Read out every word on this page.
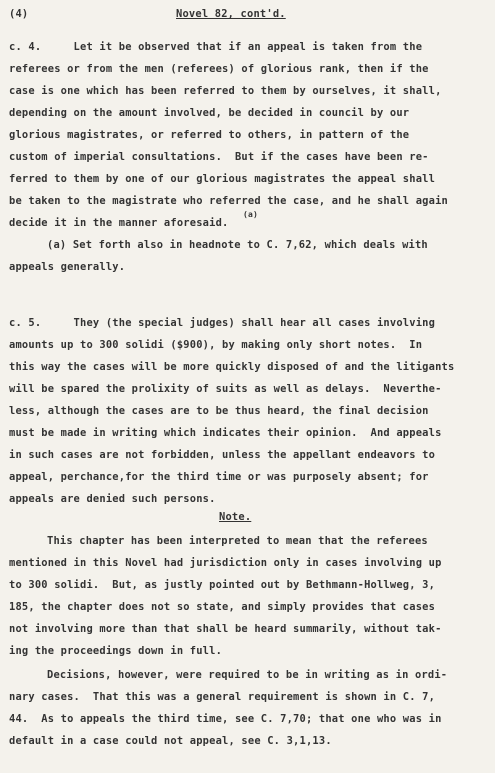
(4)	Novel 82, cont'd.
c. 4.     Let it be observed that if an appeal is taken from the
referees or from the men (referees) of glorious rank, then if the
case is one which has been referred to them by ourselves, it shall,
depending on the amount involved, be decided in council by our
glorious magistrates, or referred to others, in pattern of the
custom of imperial consultations.  But if the cases have been re-
ferred to them by one of our glorious magistrates the appeal shall
be taken to the magistrate who referred the case, and he shall again
decide it in the manner aforesaid.
(a)
(a) Set forth also in headnote to C. 7,62, which deals with
appeals generally.
c. 5.     They (the special judges) shall hear all cases involving
amounts up to 300 solidi ($900), by making only short notes.  In
this way the cases will be more quickly disposed of and the litigants
will be spared the prolixity of suits as well as delays.  Neverthe-
less, although the cases are to be thus heard, the final decision
must be made in writing which indicates their opinion.  And appeals
in such cases are not forbidden, unless the appellant endeavors to
appeal, perchance,for the third time or was purposely absent; for
appeals are denied such persons.
Note.
This chapter has been interpreted to mean that the referees
mentioned in this Novel had jurisdiction only in cases involving up
to 300 solidi.  But, as justly pointed out by Bethmann-Hollweg, 3,
185, the chapter does not so state, and simply provides that cases
not involving more than that shall be heard summarily, without tak-
ing the proceedings down in full.
Decisions, however, were required to be in writing as in ordi-
nary cases.  That this was a general requirement is shown in C. 7,
44.  As to appeals the third time, see C. 7,70; that one who was in
default in a case could not appeal, see C. 3,1,13.
